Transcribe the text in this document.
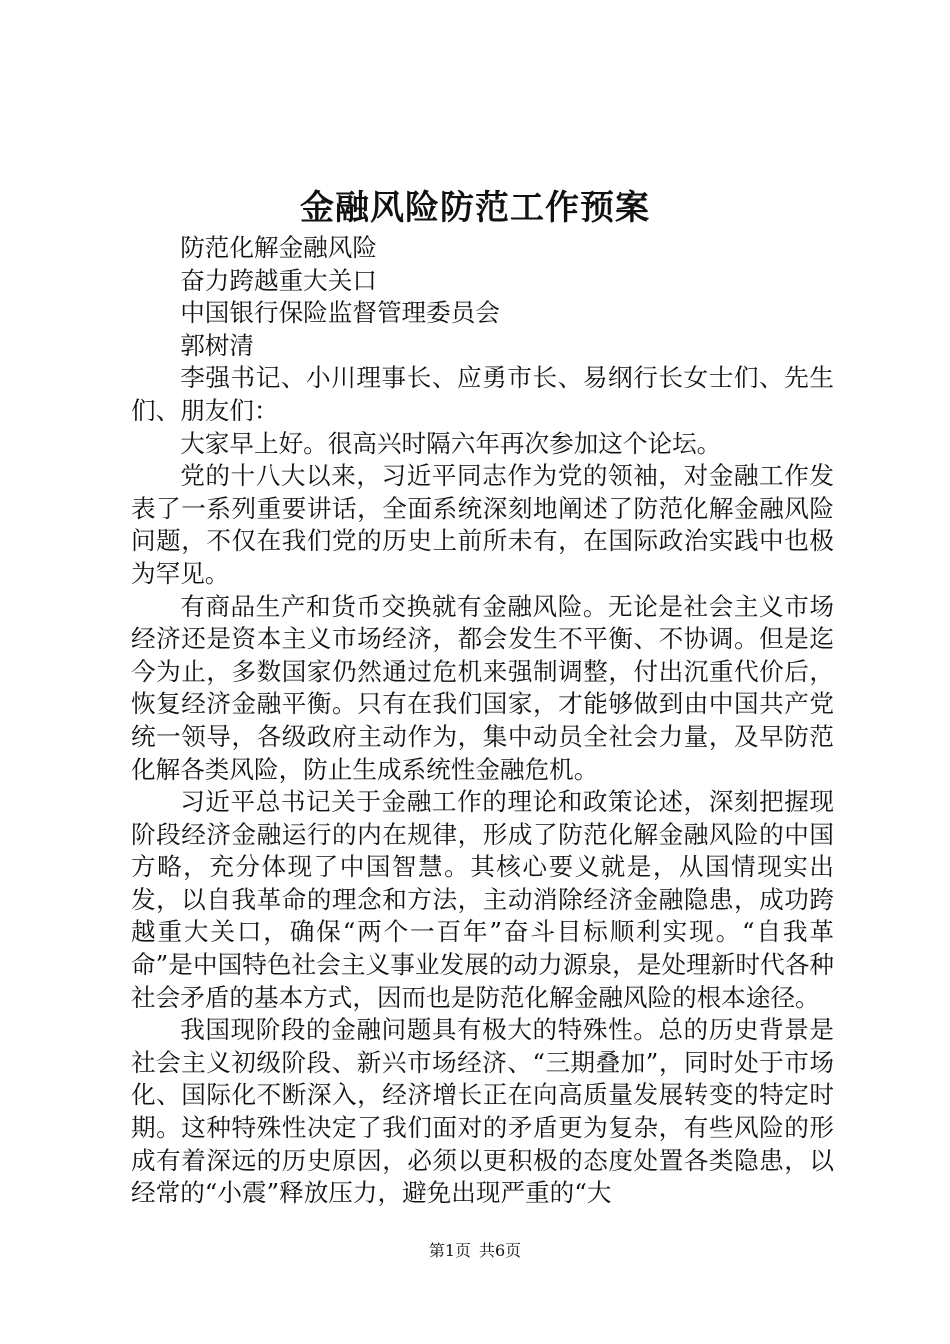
金融风险防范工作预案

防范化解金融风险

奋力跨越重大关口

中国银行保险监督管理委员会

郭树清

李强书记、小川理事长、应勇市长、易纲行长女士们、先生们、朋友们：

大家早上好。很高兴时隔六年再次参加这个论坛。

党的十八大以来，习近平同志作为党的领袖，对金融工作发表了一系列重要讲话，全面系统深刻地阐述了防范化解金融风险问题，不仅在我们党的历史上前所未有，在国际政治实践中也极为罕见。

有商品生产和货币交换就有金融风险。无论是社会主义市场经济还是资本主义市场经济，都会发生不平衡、不协调。但是迄今为止，多数国家仍然通过危机来强制调整，付出沉重代价后，恢复经济金融平衡。只有在我们国家，才能够做到由中国共产党统一领导，各级政府主动作为，集中动员全社会力量，及早防范化解各类风险，防止生成系统性金融危机。

习近平总书记关于金融工作的理论和政策论述，深刻把握现阶段经济金融运行的内在规律，形成了防范化解金融风险的中国方略，充分体现了中国智慧。其核心要义就是，从国情现实出发，以自我革命的理念和方法，主动消除经济金融隐患，成功跨越重大关口，确保“两个一百年”奋斗目标顺利实现。“自我革命”是中国特色社会主义事业发展的动力源泉，是处理新时代各种社会矛盾的基本方式，因而也是防范化解金融风险的根本途径。

我国现阶段的金融问题具有极大的特殊性。总的历史背景是社会主义初级阶段、新兴市场经济、“三期叠加”，同时处于市场化、国际化不断深入，经济增长正在向高质量发展转变的特定时期。这种特殊性决定了我们面对的矛盾更为复杂，有些风险的形成有着深远的历史原因，必须以更积极的态度处置各类隐患，以经常的“小震”释放压力，避免出现严重的“大

第1页 共6页
